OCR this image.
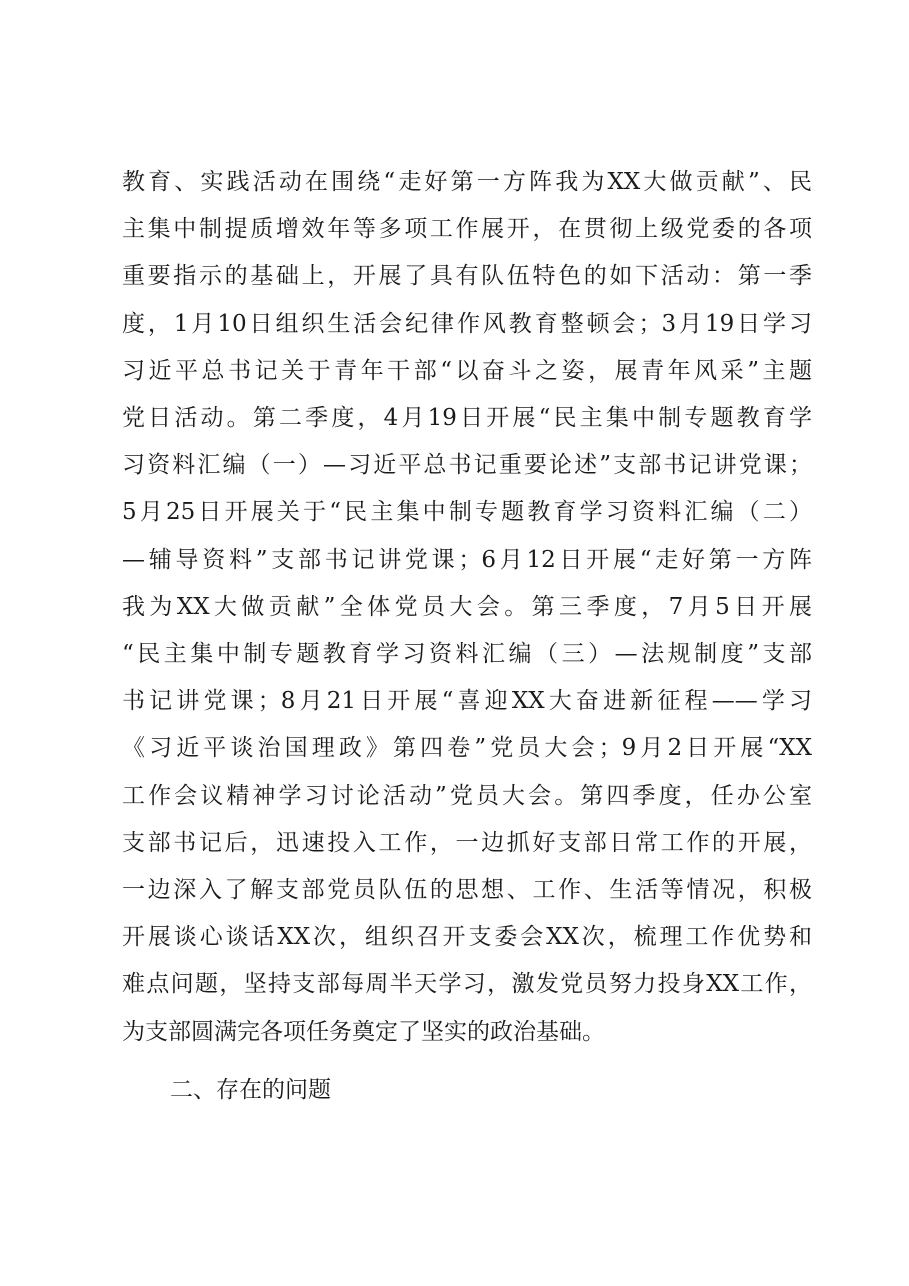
教育、实践活动在围绕“走好第一方阵我为XX大做贡献”、民
主集中制提质增效年等多项工作展开，在贯彻上级党委的各项
重要指示的基础上，开展了具有队伍特色的如下活动：第一季
度，1月10日组织生活会纪律作风教育整顿会；3月19日学习
习近平总书记关于青年干部“以奋斗之姿，展青年风采”主题
党日活动。第二季度，4月19日开展“民主集中制专题教育学
习资料汇编（一）—习近平总书记重要论述”支部书记讲党课；
5月25日开展关于“民主集中制专题教育学习资料汇编（二）
—辅导资料”支部书记讲党课；6月12日开展“走好第一方阵
我为XX大做贡献”全体党员大会。第三季度，7月5日开展
“民主集中制专题教育学习资料汇编（三）—法规制度”支部
书记讲党课；8月21日开展“喜迎XX大奋进新征程——学习
《习近平谈治国理政》第四卷”党员大会；9月2日开展“XX
工作会议精神学习讨论活动”党员大会。第四季度，任办公室
支部书记后，迅速投入工作，一边抓好支部日常工作的开展，
一边深入了解支部党员队伍的思想、工作、生活等情况，积极
开展谈心谈话XX次，组织召开支委会XX次，梳理工作优势和
难点问题，坚持支部每周半天学习，激发党员努力投身XX工作，
为支部圆满完各项任务奠定了坚实的政治基础。
二、存在的问题
